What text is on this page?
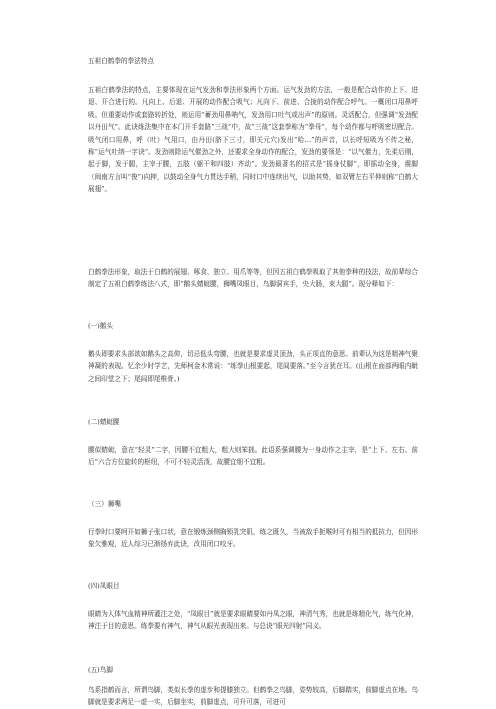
五祖白鹤拳的拳法特点
五祖白鹤拳法的特点，主要体现在运气发劲和拳法形象两个方面。运气发劲的方法，一般是配合动作的上下、进退、开合进行的。凡向上、后退、开展的动作配合吸气；凡向下、前进、合拢的动作配合呼气。一概闭口用鼻呼吸。但重要动作或套路转折处，则运用“蓄劲用鼻呐气，发劲用口吐气或出声”的原则。灵活配合，但强调“发劲配以丹田气”。此诀练法集中在本门开手套路“三战”中，故“三战”这套拳称为“拳母”，每个动作都与呼吸密切配合。吸气闭口用鼻，呼（吐）气用口，由丹田(脐下三寸，即关元穴)发出“哈…”的声音，以长呼短吸为不传之秘，称“运气吐纳一字诀”。发劲则除运气催劲之外，还要求全身动作的配合，发劲的要领是：“以气催力，先柔后刚，起于脚，发于腿，主宰于腰，五肢（躯干和四肢）齐动”。发劲最著名的招式是“摇身仗脚”，即摇动全身，震脚（闽南方言叫“俊”)向押，以鼓动全身气力贯达手稍，同时口中连续出气，以助其势，如双臂左右平伸则称“白鹤大展翅”。
白鹤拳法形象，取法于白鹤的展翅、啄食、独立、用爪等等，但因五祖白鹤拳吸取了其他拳种的技法，故前辈综合制定了五祖白鹤拳练法八式，即“鹅头蜻蜓腰，狮嘴凤眼目，鸟脚洞宾手，央大肠，束大腿”。现分释如下：
(一)鹅头
鹅头即要求头部欲如鹅头之高仰，切忌低头弯腰，也就是要求虚灵顶劲，头正项直的意思。前辈认为这是精神气聚神凝的表现。忆余少时学艺，先师柯金木常说：“练拳山根要起，尾闾要落。”至今言犹在耳。(山根在面部两眼内眦之间印堂之下；尾闾即尾椎骨。)
(二)蜻蜓腰
腰似蜻蜓，意在“轻灵”二字，因腰不宜粗大，粗大则笨拙。此语系强调腰为一身动作之主宰，是“上下、左右、前后”六合方位旋转的枢纽，不可不轻灵活泼，故腰宜细不宜粗。
（三）狮嘴
行拳时口要呵开如狮子张口状，意在锻炼颈侧胸锁乳突肌，练之既久，当被敌手扼喉时可有相当的抵抗力，但因形象欠雅观，近人综习已渐扬弃此诀，改用闭口咬牙。
(四)凤眼目
眼睛为人体气血精神所灌注之处，“凤眼目”就是要求眼睛要如丹凤之眼，神清气秀，也就是练精化气，练气化神，神注于目的意思。练拳要有神气，神气从眼光表现出来。与总诀“眼光四射”同义。
(五)鸟脚
鸟系指鹤而言，所谓鸟脚，类似长拳的虚步和提膝独立。但鹤拳之鸟脚，姿势较高，后脚踏实，前脚虚点在地。鸟脚就是要求两足一虚一实，后脚坐实，前脚虚点，可升可落，可进可
